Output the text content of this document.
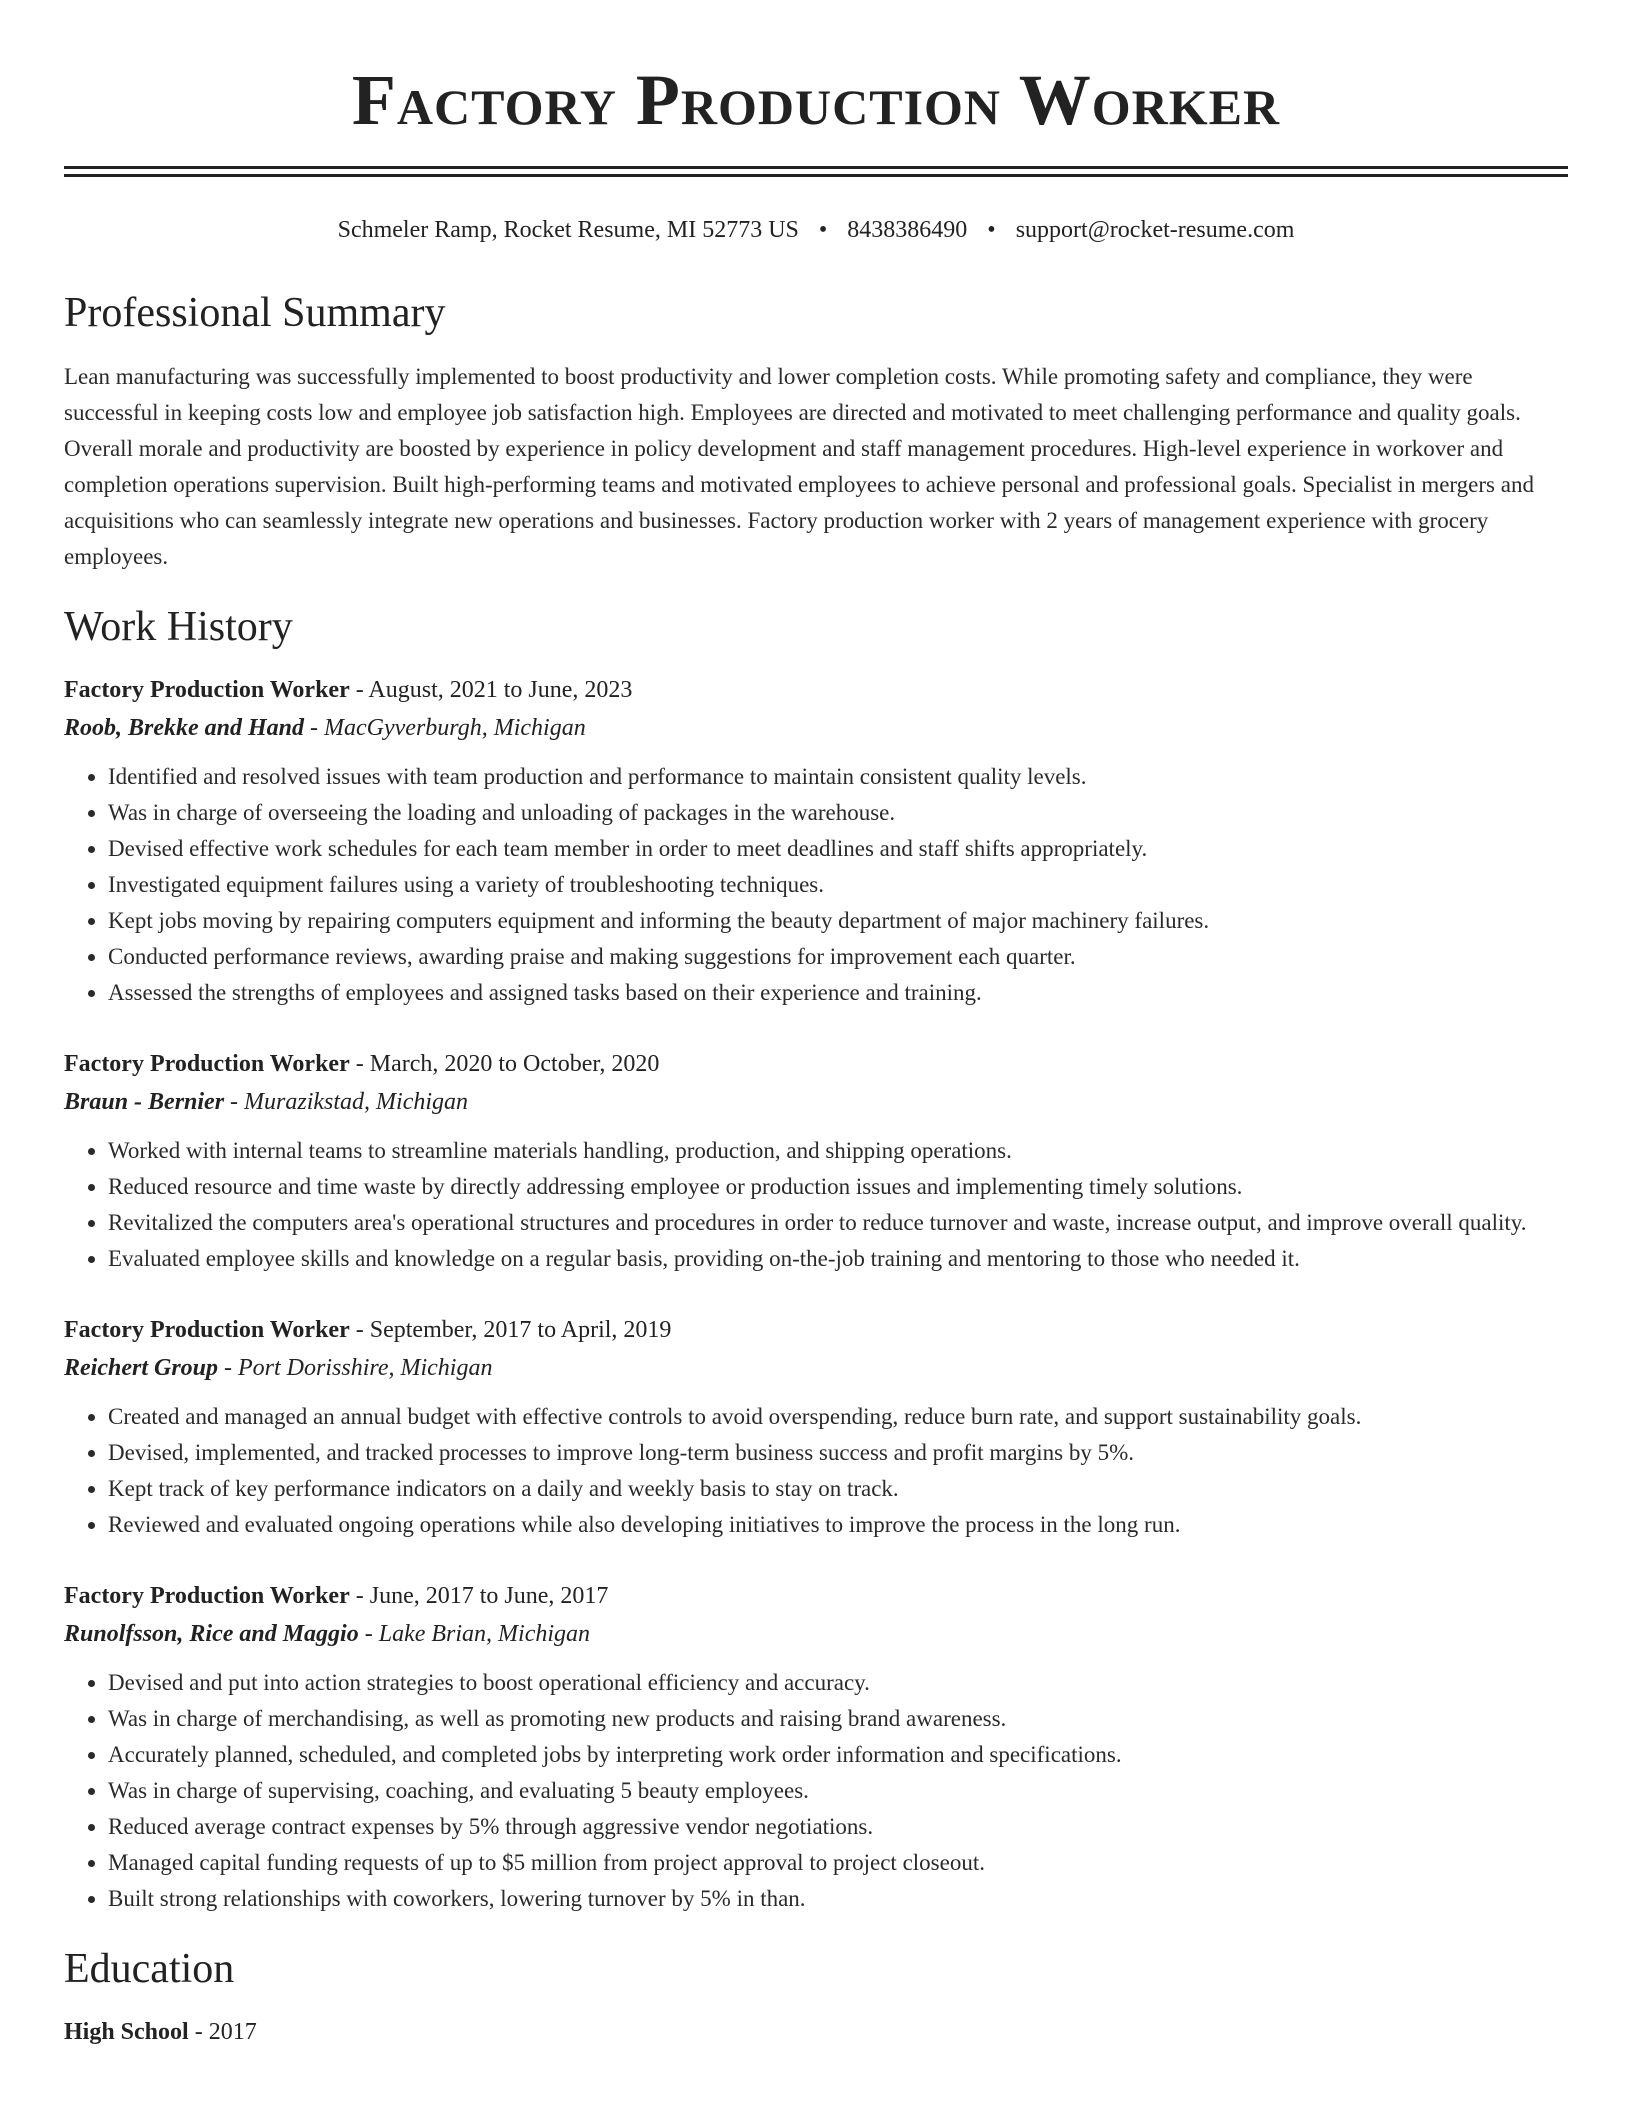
Factory Production Worker
Schmeler Ramp, Rocket Resume, MI 52773 US • 8438386490 • support@rocket-resume.com
Professional Summary
Lean manufacturing was successfully implemented to boost productivity and lower completion costs. While promoting safety and compliance, they were successful in keeping costs low and employee job satisfaction high. Employees are directed and motivated to meet challenging performance and quality goals. Overall morale and productivity are boosted by experience in policy development and staff management procedures. High-level experience in workover and completion operations supervision. Built high-performing teams and motivated employees to achieve personal and professional goals. Specialist in mergers and acquisitions who can seamlessly integrate new operations and businesses. Factory production worker with 2 years of management experience with grocery employees.
Work History
Factory Production Worker - August, 2021 to June, 2023
Roob, Brekke and Hand - MacGyverburgh, Michigan
• Identified and resolved issues with team production and performance to maintain consistent quality levels.
• Was in charge of overseeing the loading and unloading of packages in the warehouse.
• Devised effective work schedules for each team member in order to meet deadlines and staff shifts appropriately.
• Investigated equipment failures using a variety of troubleshooting techniques.
• Kept jobs moving by repairing computers equipment and informing the beauty department of major machinery failures.
• Conducted performance reviews, awarding praise and making suggestions for improvement each quarter.
• Assessed the strengths of employees and assigned tasks based on their experience and training.
Factory Production Worker - March, 2020 to October, 2020
Braun - Bernier - Murazikstad, Michigan
• Worked with internal teams to streamline materials handling, production, and shipping operations.
• Reduced resource and time waste by directly addressing employee or production issues and implementing timely solutions.
• Revitalized the computers area's operational structures and procedures in order to reduce turnover and waste, increase output, and improve overall quality.
• Evaluated employee skills and knowledge on a regular basis, providing on-the-job training and mentoring to those who needed it.
Factory Production Worker - September, 2017 to April, 2019
Reichert Group - Port Dorisshire, Michigan
• Created and managed an annual budget with effective controls to avoid overspending, reduce burn rate, and support sustainability goals.
• Devised, implemented, and tracked processes to improve long-term business success and profit margins by 5%.
• Kept track of key performance indicators on a daily and weekly basis to stay on track.
• Reviewed and evaluated ongoing operations while also developing initiatives to improve the process in the long run.
Factory Production Worker - June, 2017 to June, 2017
Runolfsson, Rice and Maggio - Lake Brian, Michigan
• Devised and put into action strategies to boost operational efficiency and accuracy.
• Was in charge of merchandising, as well as promoting new products and raising brand awareness.
• Accurately planned, scheduled, and completed jobs by interpreting work order information and specifications.
• Was in charge of supervising, coaching, and evaluating 5 beauty employees.
• Reduced average contract expenses by 5% through aggressive vendor negotiations.
• Managed capital funding requests of up to $5 million from project approval to project closeout.
• Built strong relationships with coworkers, lowering turnover by 5% in than.
Education
High School - 2017
